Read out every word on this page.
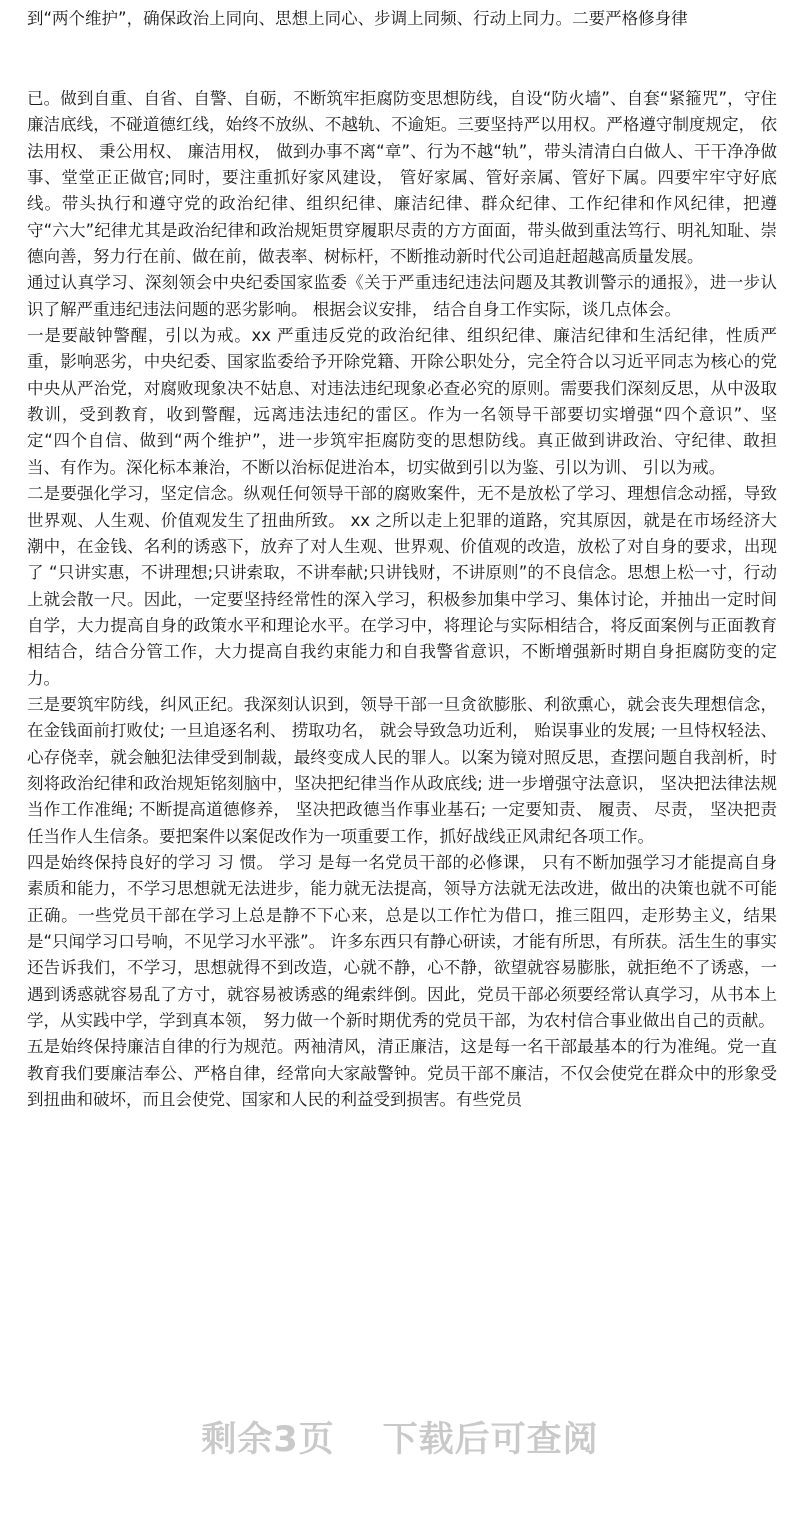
到“两个维护”，确保政治上同向、思想上同心、步调上同频、行动上同力。二要严格修身律

已。做到自重、自省、自警、自砺，不断筑牢拒腐防变思想防线，自设“防火墙”、自套“紧箍咒”，守住廉洁底线，不碰道德红线，始终不放纵、不越轨、不逾矩。三要坚持严以用权。严格遵守制度规定， 依法用权、 秉公用权、 廉洁用权， 做到办事不离“章”、行为不越“轨”，带头清清白白做人、干干净净做事、堂堂正正做官;同时，要注重抓好家风建设， 管好家属、管好亲属、管好下属。四要牢牢守好底线。带头执行和遵守党的政治纪律、组织纪律、廉洁纪律、群众纪律、工作纪律和作风纪律，把遵守“六大”纪律尤其是政治纪律和政治规矩贯穿履职尽责的方方面面，带头做到重法笃行、明礼知耻、崇德向善，努力行在前、做在前，做表率、树标杆，不断推动新时代公司追赶超越高质量发展。

通过认真学习、深刻领会中央纪委国家监委《关于严重违纪违法问题及其教训警示的通报》，进一步认识了解严重违纪违法问题的恶劣影响。 根据会议安排， 结合自身工作实际，谈几点体会。

一是要敲钟警醒，引以为戒。xx 严重违反党的政治纪律、组织纪律、廉洁纪律和生活纪律，性质严重，影响恶劣，中央纪委、国家监委给予开除党籍、开除公职处分，完全符合以习近平同志为核心的党中央从严治党，对腐败现象决不姑息、对违法违纪现象必查必究的原则。需要我们深刻反思，从中汲取教训，受到教育，收到警醒，远离违法违纪的雷区。作为一名领导干部要切实增强“四个意识”、坚定“四个自信、做到“两个维护”，进一步筑牢拒腐防变的思想防线。真正做到讲政治、守纪律、敢担当、有作为。深化标本兼治，不断以治标促进治本，切实做到引以为鉴、引以为训、 引以为戒。

二是要强化学习，坚定信念。纵观任何领导干部的腐败案件，无不是放松了学习、理想信念动摇，导致世界观、人生观、价值观发生了扭曲所致。 xx 之所以走上犯罪的道路，究其原因，就是在市场经济大潮中，在金钱、名利的诱惑下，放弃了对人生观、世界观、价值观的改造，放松了对自身的要求，出现了 “只讲实惠，不讲理想;只讲索取，不讲奉献;只讲钱财，不讲原则”的不良信念。思想上松一寸，行动上就会散一尺。因此，一定要坚持经常性的深入学习，积极参加集中学习、集体讨论，并抽出一定时间自学，大力提高自身的政策水平和理论水平。在学习中，将理论与实际相结合，将反面案例与正面教育相结合，结合分管工作，大力提高自我约束能力和自我警省意识，不断增强新时期自身拒腐防变的定力。

三是要筑牢防线，纠风正纪。我深刻认识到，领导干部一旦贪欲膨胀、利欲熏心，就会丧失理想信念，在金钱面前打败仗; 一旦追逐名利、 捞取功名， 就会导致急功近利， 贻误事业的发展; 一旦恃权轻法、心存侥幸，就会触犯法律受到制裁，最终变成人民的罪人。以案为镜对照反思，查摆问题自我剖析，时刻将政治纪律和政治规矩铭刻脑中，坚决把纪律当作从政底线; 进一步增强守法意识， 坚决把法律法规当作工作准绳; 不断提高道德修养， 坚决把政德当作事业基石; 一定要知责、 履责、 尽责， 坚决把责任当作人生信条。要把案件以案促改作为一项重要工作，抓好战线正风肃纪各项工作。

四是始终保持良好的学习 习 惯。 学习 是每一名党员干部的必修课， 只有不断加强学习才能提高自身素质和能力，不学习思想就无法进步，能力就无法提高，领导方法就无法改进，做出的决策也就不可能正确。一些党员干部在学习上总是静不下心来，总是以工作忙为借口，推三阻四，走形势主义，结果是“只闻学习口号响，不见学习水平涨”。 许多东西只有静心研读，才能有所思，有所获。活生生的事实还告诉我们，不学习，思想就得不到改造，心就不静，心不静，欲望就容易膨胀，就拒绝不了诱惑，一遇到诱惑就容易乱了方寸，就容易被诱惑的绳索绊倒。因此，党员干部必须要经常认真学习，从书本上学，从实践中学，学到真本领， 努力做一个新时期优秀的党员干部，为农村信合事业做出自己的贡献。

五是始终保持廉洁自律的行为规范。两袖清风，清正廉洁，这是每一名干部最基本的行为准绳。党一直教育我们要廉洁奉公、严格自律，经常向大家敲警钟。党员干部不廉洁，不仅会使党在群众中的形象受到扭曲和破坏，而且会使党、国家和人民的利益受到损害。有些党员

剩余3页 下载后可查阅
